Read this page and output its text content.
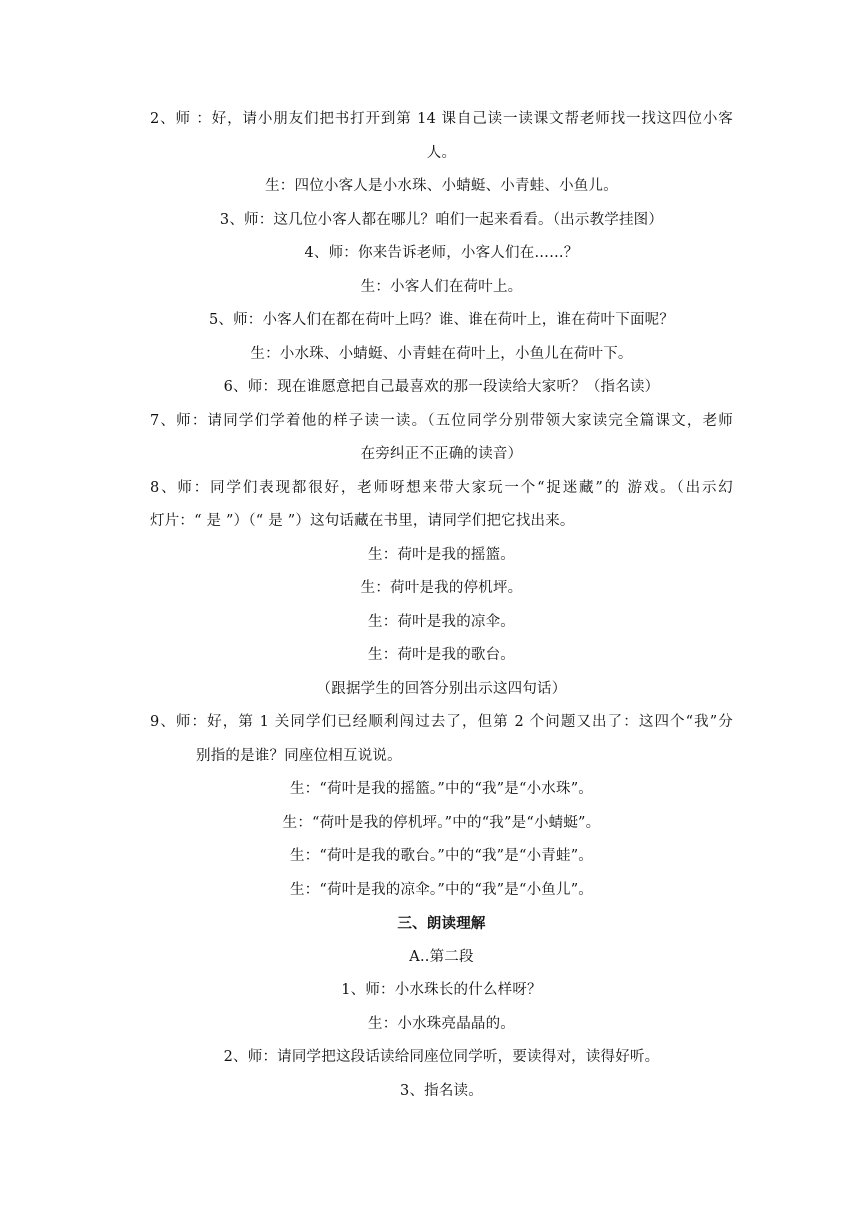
2、师 ：好，请小朋友们把书打开到第 14 课自己读一读课文帮老师找一找这四位小客
人。
生：四位小客人是小水珠、小蜻蜓、小青蛙、小鱼儿。
3、师：这几位小客人都在哪儿？咱们一起来看看。（出示教学挂图）
4、师：你来告诉老师，小客人们在……？
生：小客人们在荷叶上。
5、师：小客人们在都在荷叶上吗？谁、谁在荷叶上，谁在荷叶下面呢？
生：小水珠、小蜻蜓、小青蛙在荷叶上，小鱼儿在荷叶下。
6、师：现在谁愿意把自己最喜欢的那一段读给大家听？（指名读）
7、师：请同学们学着他的样子读一读。（五位同学分别带领大家读完全篇课文，老师
在旁纠正不正确的读音）
8、师：同学们表现都很好，老师呀想来带大家玩一个“捉迷藏”的 游戏。（出示幻
灯片：“ 是 ”）（“ 是 ”）这句话藏在书里，请同学们把它找出来。
生：荷叶是我的摇篮。
生：荷叶是我的停机坪。
生：荷叶是我的凉伞。
生：荷叶是我的歌台。
（跟据学生的回答分别出示这四句话）
9、师：好，第 1 关同学们已经顺利闯过去了，但第 2 个问题又出了：这四个“我”分
别指的是谁？同座位相互说说。
生：“荷叶是我的摇篮。”中的“我”是“小水珠”。
生：“荷叶是我的停机坪。”中的“我”是“小蜻蜓”。
生：“荷叶是我的歌台。”中的“我”是“小青蛙”。
生：“荷叶是我的凉伞。”中的“我”是“小鱼儿”。
三、朗读理解
A..第二段
1、师：小水珠长的什么样呀？
生：小水珠亮晶晶的。
2、师：请同学把这段话读给同座位同学听，要读得对，读得好听。
3、指名读。
